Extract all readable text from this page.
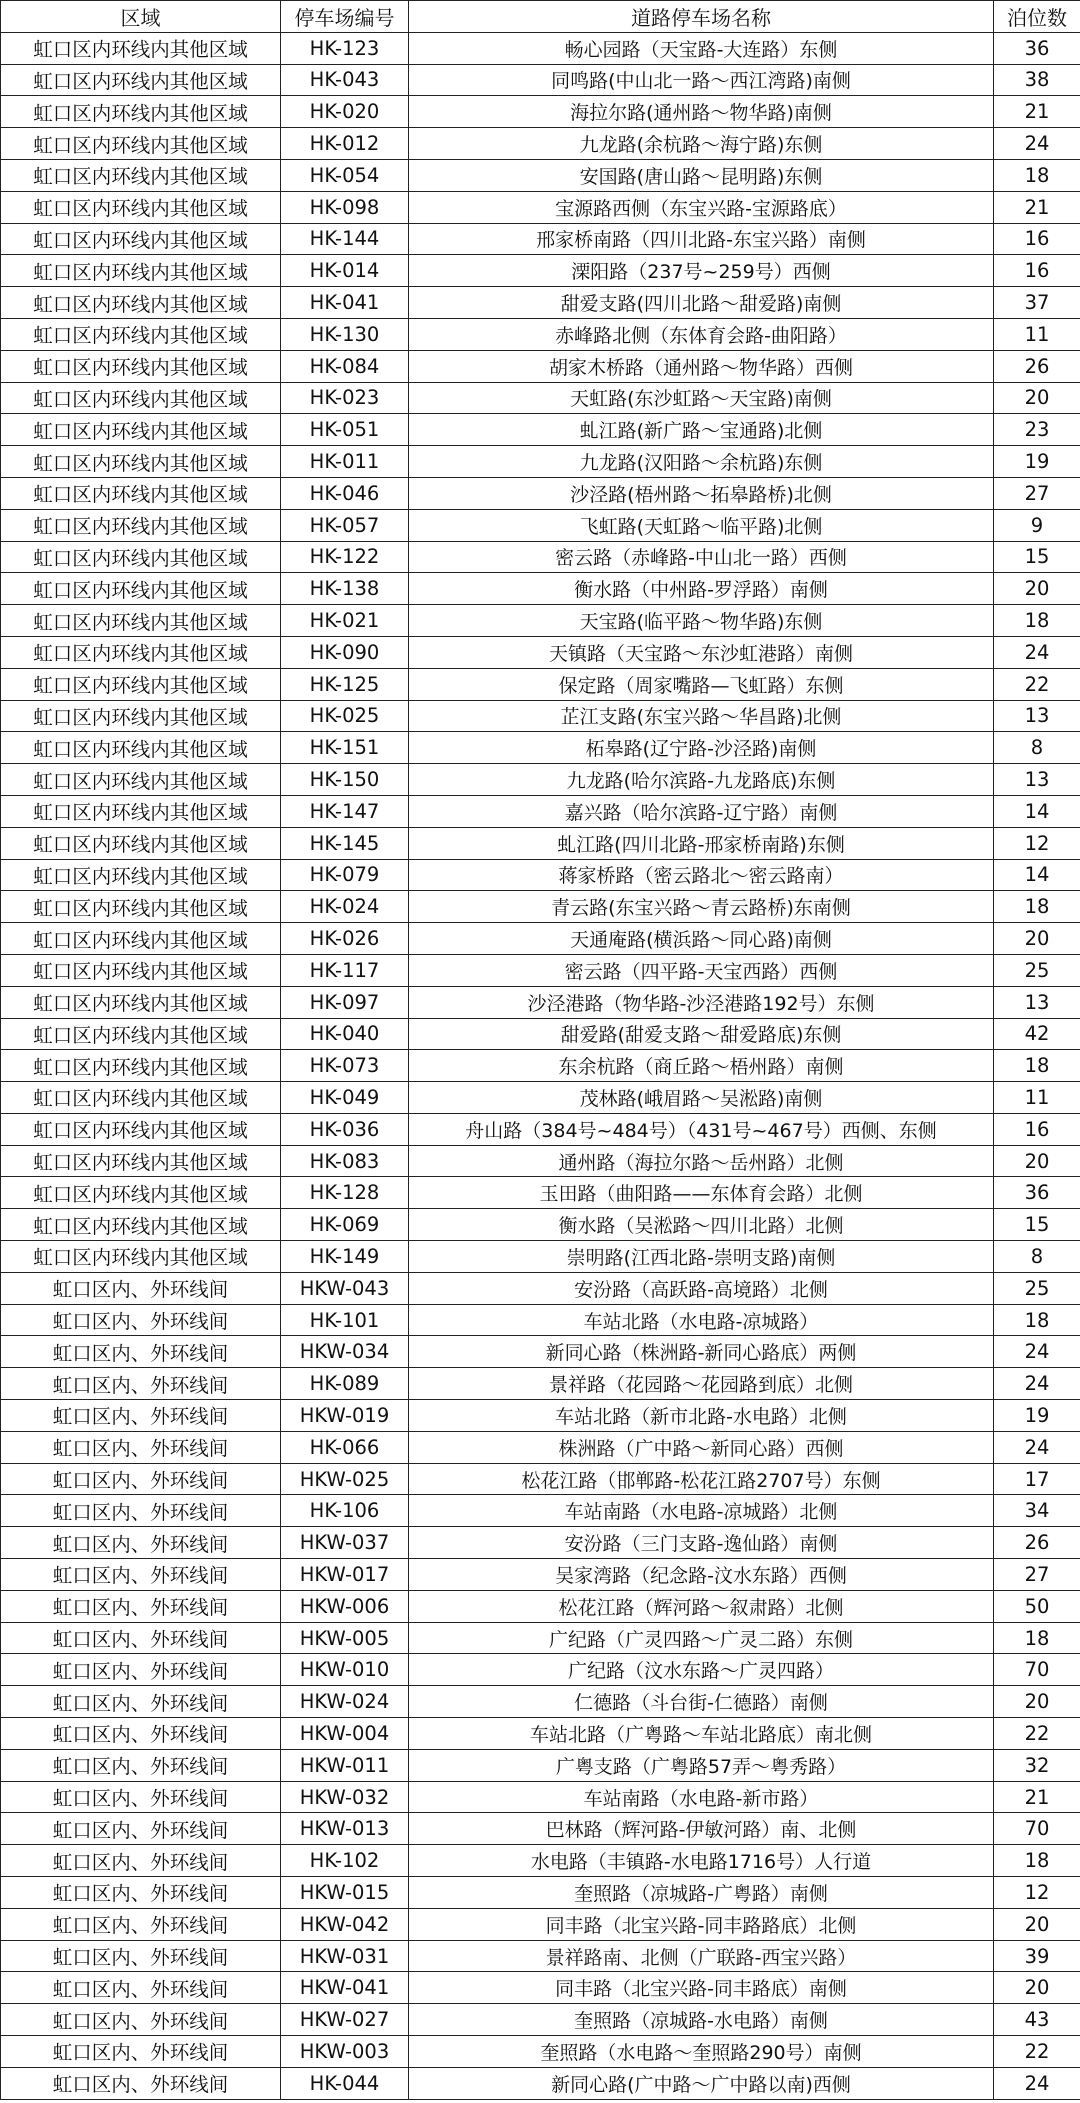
区域	停车场编号	道路停车场名称	泊位数
虹口区内环线内其他区域	HK-123	畅心园路（天宝路-大连路）东侧	36
虹口区内环线内其他区域	HK-043	同鸣路(中山北一路～西江湾路)南侧	38
虹口区内环线内其他区域	HK-020	海拉尔路(通州路～物华路)南侧	21
虹口区内环线内其他区域	HK-012	九龙路(余杭路～海宁路)东侧	24
虹口区内环线内其他区域	HK-054	安国路(唐山路～昆明路)东侧	18
虹口区内环线内其他区域	HK-098	宝源路西侧（东宝兴路-宝源路底）	21
虹口区内环线内其他区域	HK-144	邢家桥南路（四川北路-东宝兴路）南侧	16
虹口区内环线内其他区域	HK-014	溧阳路（237号~259号）西侧	16
虹口区内环线内其他区域	HK-041	甜爱支路(四川北路～甜爱路)南侧	37
虹口区内环线内其他区域	HK-130	赤峰路北侧（东体育会路-曲阳路）	11
虹口区内环线内其他区域	HK-084	胡家木桥路（通州路～物华路）西侧	26
虹口区内环线内其他区域	HK-023	天虹路(东沙虹路～天宝路)南侧	20
虹口区内环线内其他区域	HK-051	虬江路(新广路～宝通路)北侧	23
虹口区内环线内其他区域	HK-011	九龙路(汉阳路～余杭路)东侧	19
虹口区内环线内其他区域	HK-046	沙泾路(梧州路～拓皋路桥)北侧	27
虹口区内环线内其他区域	HK-057	飞虹路(天虹路～临平路)北侧	9
虹口区内环线内其他区域	HK-122	密云路（赤峰路-中山北一路）西侧	15
虹口区内环线内其他区域	HK-138	衡水路（中州路-罗浮路）南侧	20
虹口区内环线内其他区域	HK-021	天宝路(临平路～物华路)东侧	18
虹口区内环线内其他区域	HK-090	天镇路（天宝路～东沙虹港路）南侧	24
虹口区内环线内其他区域	HK-125	保定路（周家嘴路—飞虹路）东侧	22
虹口区内环线内其他区域	HK-025	芷江支路(东宝兴路～华昌路)北侧	13
虹口区内环线内其他区域	HK-151	柘皋路(辽宁路-沙泾路)南侧	8
虹口区内环线内其他区域	HK-150	九龙路(哈尔滨路-九龙路底)东侧	13
虹口区内环线内其他区域	HK-147	嘉兴路（哈尔滨路-辽宁路）南侧	14
虹口区内环线内其他区域	HK-145	虬江路(四川北路-邢家桥南路)东侧	12
虹口区内环线内其他区域	HK-079	蒋家桥路（密云路北～密云路南）	14
虹口区内环线内其他区域	HK-024	青云路(东宝兴路～青云路桥)东南侧	18
虹口区内环线内其他区域	HK-026	天通庵路(横浜路～同心路)南侧	20
虹口区内环线内其他区域	HK-117	密云路（四平路-天宝西路）西侧	25
虹口区内环线内其他区域	HK-097	沙泾港路（物华路-沙泾港路192号）东侧	13
虹口区内环线内其他区域	HK-040	甜爱路(甜爱支路～甜爱路底)东侧	42
虹口区内环线内其他区域	HK-073	东余杭路（商丘路～梧州路）南侧	18
虹口区内环线内其他区域	HK-049	茂林路(峨眉路～吴淞路)南侧	11
虹口区内环线内其他区域	HK-036	舟山路（384号~484号）（431号~467号）西侧、东侧	16
虹口区内环线内其他区域	HK-083	通州路（海拉尔路～岳州路）北侧	20
虹口区内环线内其他区域	HK-128	玉田路（曲阳路——东体育会路）北侧	36
虹口区内环线内其他区域	HK-069	衡水路（吴淞路～四川北路）北侧	15
虹口区内环线内其他区域	HK-149	崇明路(江西北路-崇明支路)南侧	8
虹口区内、外环线间	HKW-043	安汾路（高跃路-高境路）北侧	25
虹口区内、外环线间	HK-101	车站北路（水电路-凉城路）	18
虹口区内、外环线间	HKW-034	新同心路（株洲路-新同心路底）两侧	24
虹口区内、外环线间	HK-089	景祥路（花园路～花园路到底）北侧	24
虹口区内、外环线间	HKW-019	车站北路（新市北路-水电路）北侧	19
虹口区内、外环线间	HK-066	株洲路（广中路～新同心路）西侧	24
虹口区内、外环线间	HKW-025	松花江路（邯郸路-松花江路2707号）东侧	17
虹口区内、外环线间	HK-106	车站南路（水电路-凉城路）北侧	34
虹口区内、外环线间	HKW-037	安汾路（三门支路-逸仙路）南侧	26
虹口区内、外环线间	HKW-017	吴家湾路（纪念路-汶水东路）西侧	27
虹口区内、外环线间	HKW-006	松花江路（辉河路～叙肃路）北侧	50
虹口区内、外环线间	HKW-005	广纪路（广灵四路～广灵二路）东侧	18
虹口区内、外环线间	HKW-010	广纪路（汶水东路～广灵四路）	70
虹口区内、外环线间	HKW-024	仁德路（斗台街-仁德路）南侧	20
虹口区内、外环线间	HKW-004	车站北路（广粤路～车站北路底）南北侧	22
虹口区内、外环线间	HKW-011	广粤支路（广粤路57弄～粤秀路）	32
虹口区内、外环线间	HKW-032	车站南路（水电路-新市路）	21
虹口区内、外环线间	HKW-013	巴林路（辉河路-伊敏河路）南、北侧	70
虹口区内、外环线间	HK-102	水电路（丰镇路-水电路1716号）人行道	18
虹口区内、外环线间	HKW-015	奎照路（凉城路-广粤路）南侧	12
虹口区内、外环线间	HKW-042	同丰路（北宝兴路-同丰路路底）北侧	20
虹口区内、外环线间	HKW-031	景祥路南、北侧（广联路-西宝兴路）	39
虹口区内、外环线间	HKW-041	同丰路（北宝兴路-同丰路底）南侧	20
虹口区内、外环线间	HKW-027	奎照路（凉城路-水电路）南侧	43
虹口区内、外环线间	HKW-003	奎照路（水电路～奎照路290号）南侧	22
虹口区内、外环线间	HK-044	新同心路(广中路～广中路以南)西侧	24
